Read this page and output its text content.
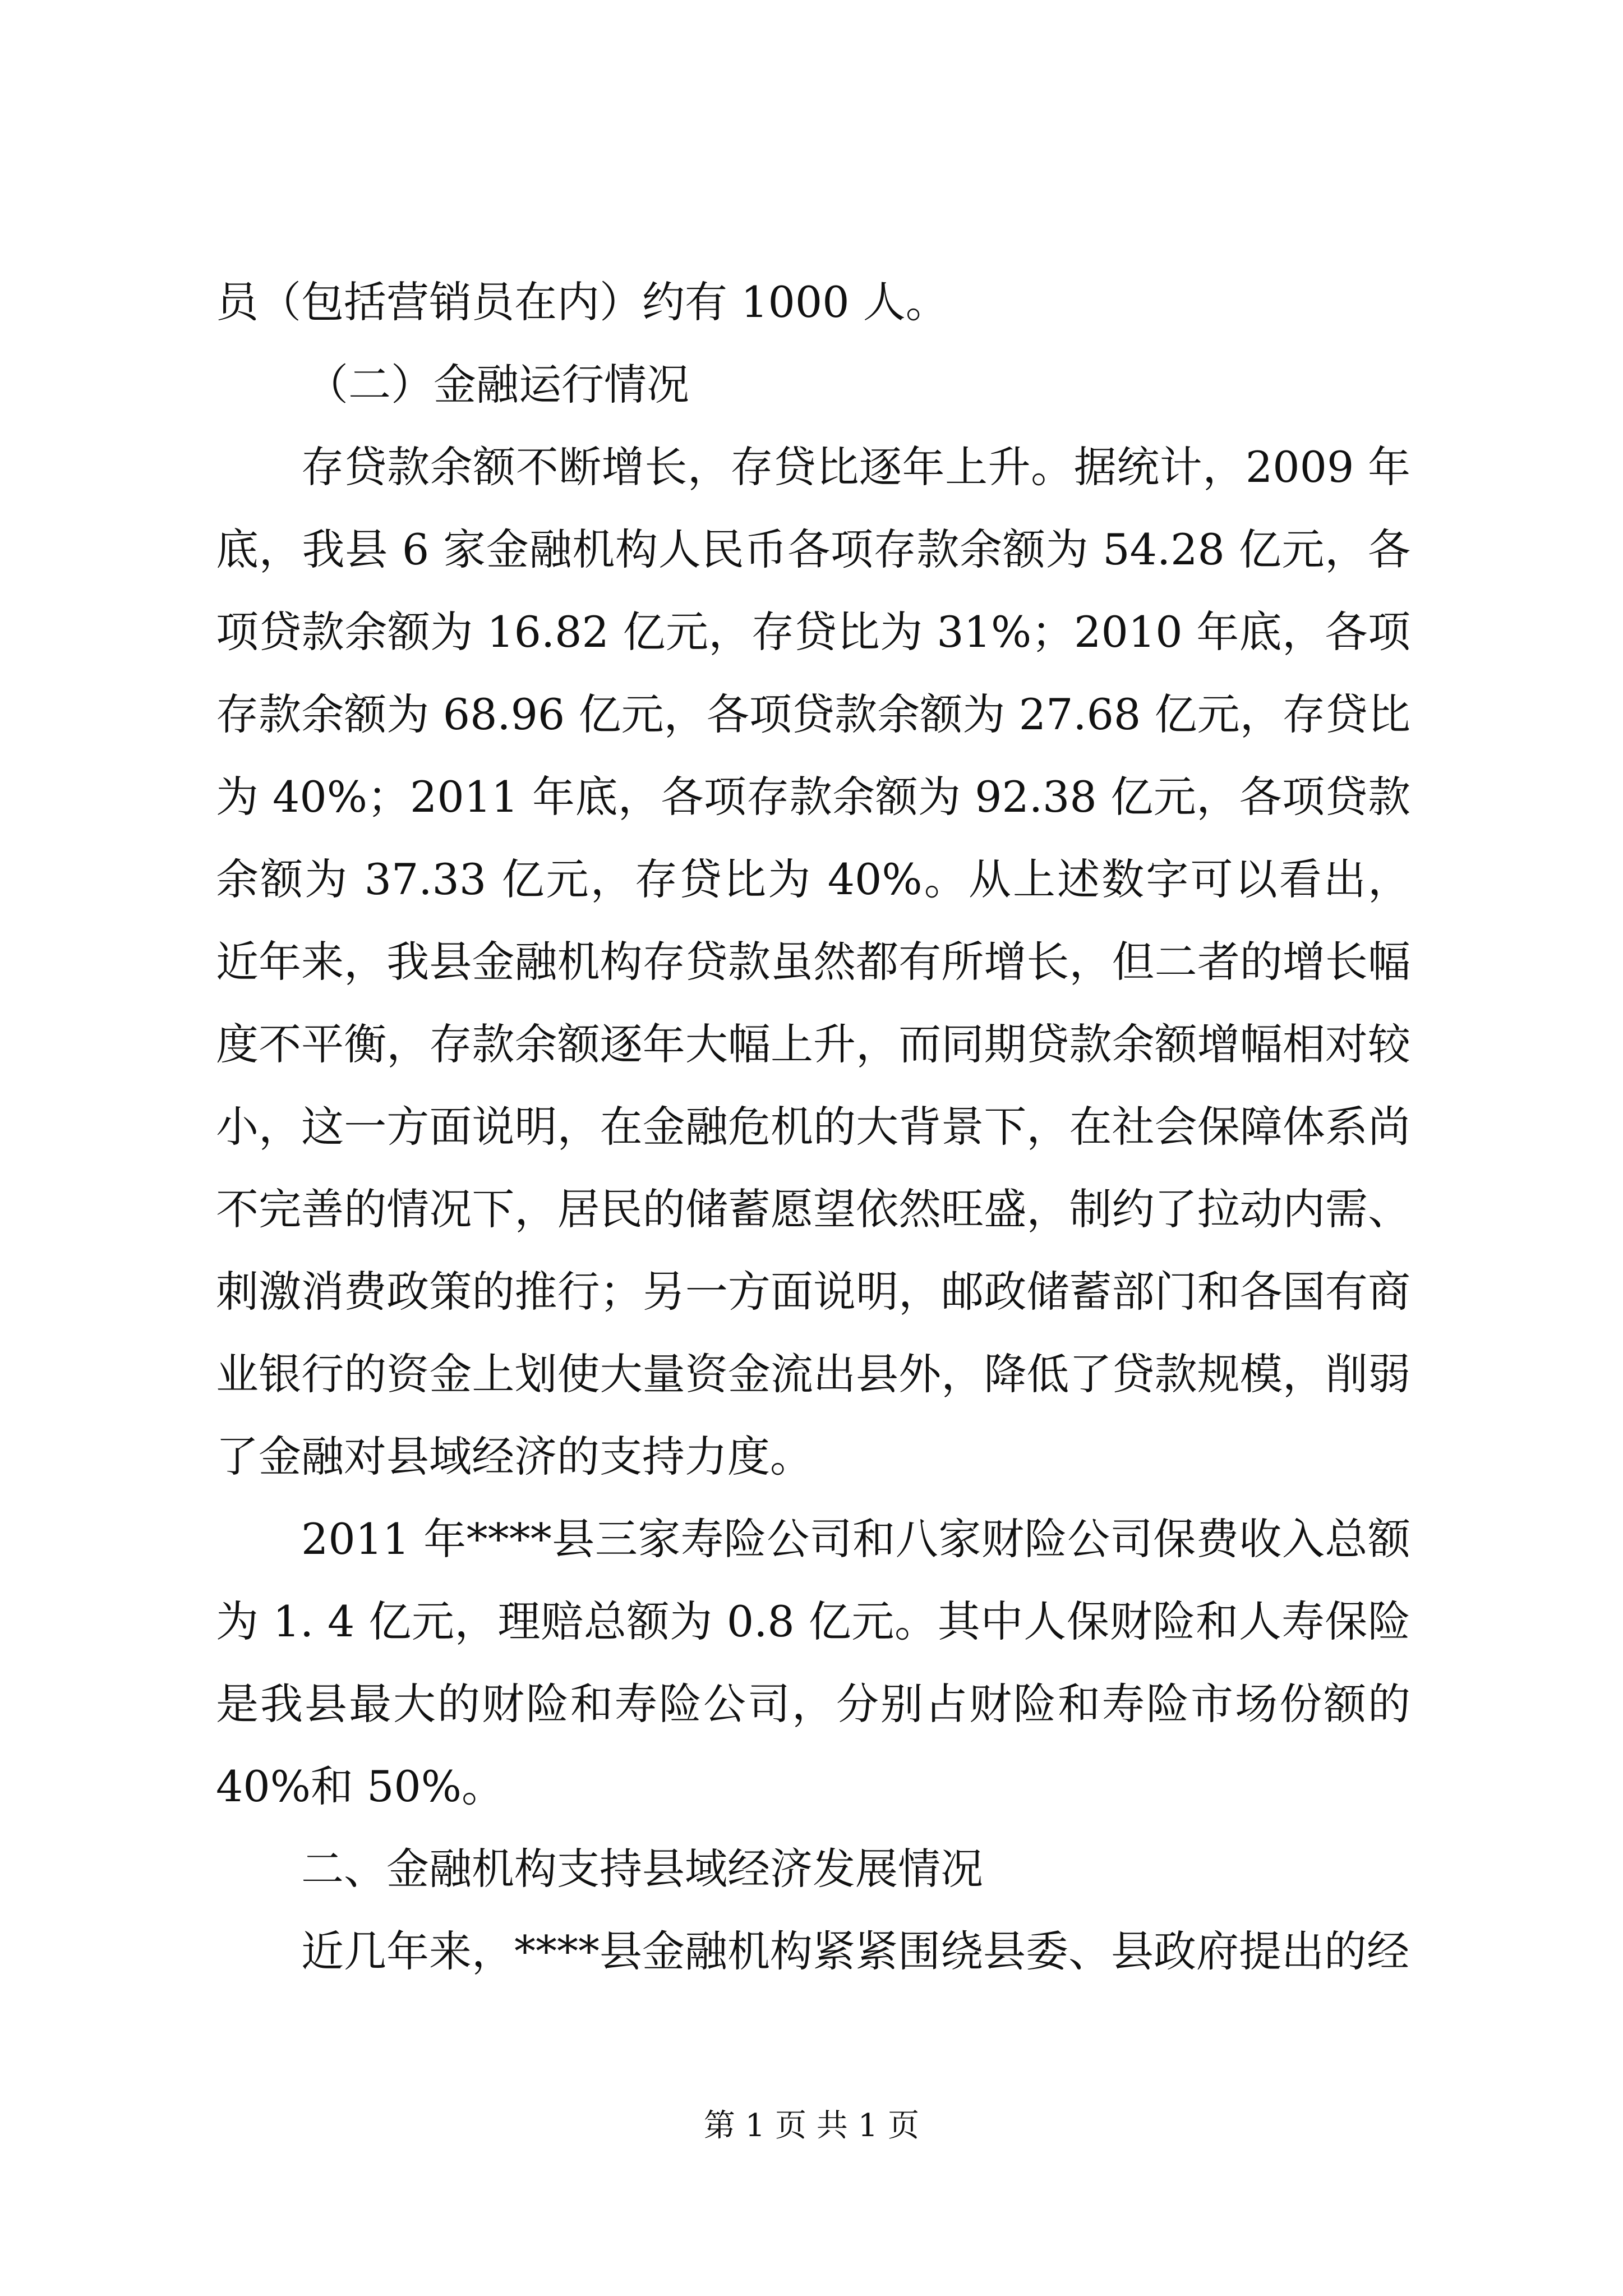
员（包括营销员在内）约有 1000 人。

（二）金融运行情况

存贷款余额不断增长，存贷比逐年上升。据统计，2009 年底，我县 6 家金融机构人民币各项存款余额为 54.28 亿元，各项贷款余额为 16.82 亿元，存贷比为 31%；2010 年底，各项存款余额为 68.96 亿元，各项贷款余额为 27.68 亿元，存贷比为 40%；2011 年底，各项存款余额为 92.38 亿元，各项贷款余额为 37.33 亿元，存贷比为 40%。从上述数字可以看出，近年来，我县金融机构存贷款虽然都有所增长，但二者的增长幅度不平衡，存款余额逐年大幅上升，而同期贷款余额增幅相对较小，这一方面说明，在金融危机的大背景下，在社会保障体系尚不完善的情况下，居民的储蓄愿望依然旺盛，制约了拉动内需、刺激消费政策的推行；另一方面说明，邮政储蓄部门和各国有商业银行的资金上划使大量资金流出县外，降低了贷款规模，削弱了金融对县域经济的支持力度。

2011 年****县三家寿险公司和八家财险公司保费收入总额为 1. 4 亿元，理赔总额为 0.8 亿元。其中人保财险和人寿保险是我县最大的财险和寿险公司，分别占财险和寿险市场份额的 40%和 50%。

二、金融机构支持县域经济发展情况

近几年来，****县金融机构紧紧围绕县委、县政府提出的经

第 1 页 共 1 页
